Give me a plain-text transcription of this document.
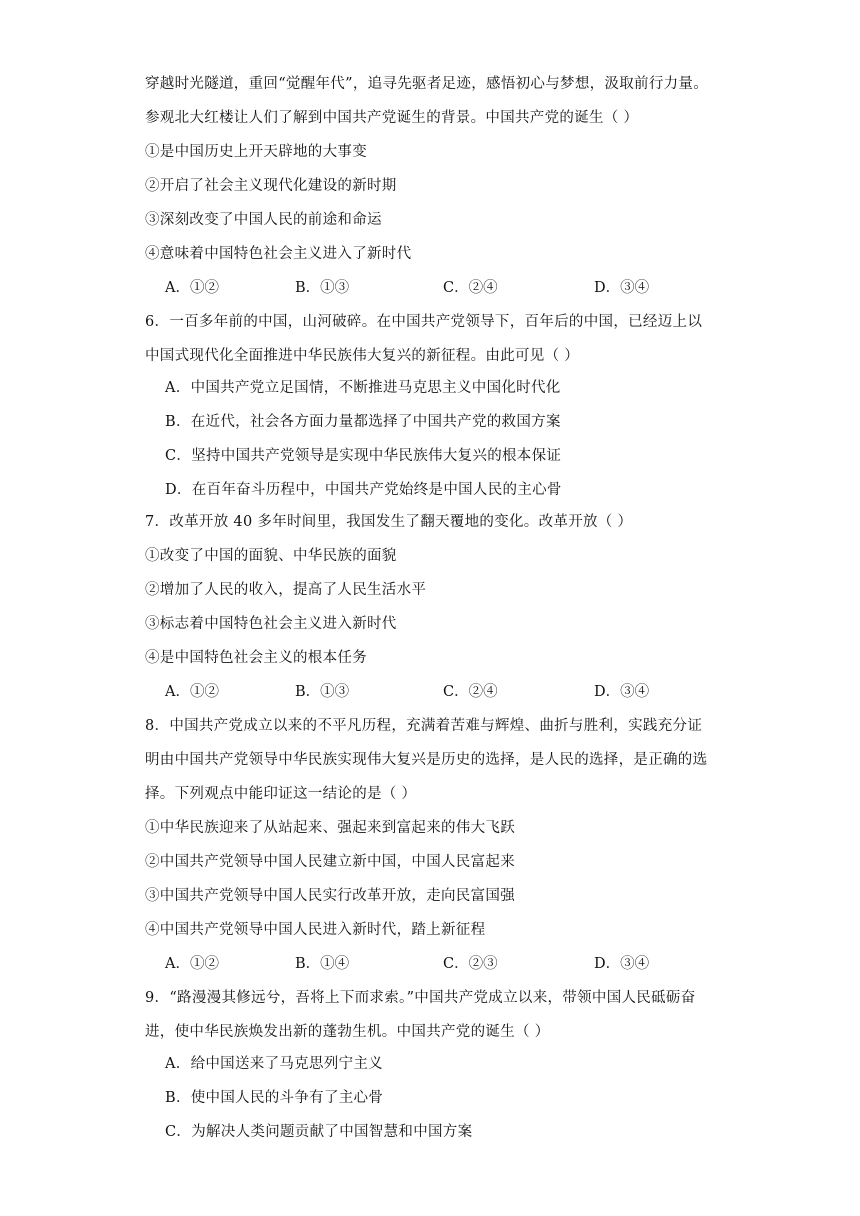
穿越时光隧道，重回“觉醒年代”，追寻先驱者足迹，感悟初心与梦想，汲取前行力量。
参观北大红楼让人们了解到中国共产党诞生的背景。中国共产党的诞生（ ）
①是中国历史上开天辟地的大事变
②开启了社会主义现代化建设的新时期
③深刻改变了中国人民的前途和命运
④意味着中国特色社会主义进入了新时代
A．①②	B．①③	C．②④	D．③④
6．一百多年前的中国，山河破碎。在中国共产党领导下，百年后的中国，已经迈上以
中国式现代化全面推进中华民族伟大复兴的新征程。由此可见（ ）
A．中国共产党立足国情，不断推进马克思主义中国化时代化
B．在近代，社会各方面力量都选择了中国共产党的救国方案
C．坚持中国共产党领导是实现中华民族伟大复兴的根本保证
D．在百年奋斗历程中，中国共产党始终是中国人民的主心骨
7．改革开放 40 多年时间里，我国发生了翻天覆地的变化。改革开放（ ）
①改变了中国的面貌、中华民族的面貌
②增加了人民的收入，提高了人民生活水平
③标志着中国特色社会主义进入新时代
④是中国特色社会主义的根本任务
A．①②	B．①③	C．②④	D．③④
8．中国共产党成立以来的不平凡历程，充满着苦难与辉煌、曲折与胜利，实践充分证
明由中国共产党领导中华民族实现伟大复兴是历史的选择，是人民的选择，是正确的选
择。下列观点中能印证这一结论的是（ ）
①中华民族迎来了从站起来、强起来到富起来的伟大飞跃
②中国共产党领导中国人民建立新中国，中国人民富起来
③中国共产党领导中国人民实行改革开放，走向民富国强
④中国共产党领导中国人民进入新时代，踏上新征程
A．①②	B．①④	C．②③	D．③④
9．“路漫漫其修远兮，吾将上下而求索。”中国共产党成立以来，带领中国人民砥砺奋
进，使中华民族焕发出新的蓬勃生机。中国共产党的诞生（ ）
A．给中国送来了马克思列宁主义
B．使中国人民的斗争有了主心骨
C．为解决人类问题贡献了中国智慧和中国方案
